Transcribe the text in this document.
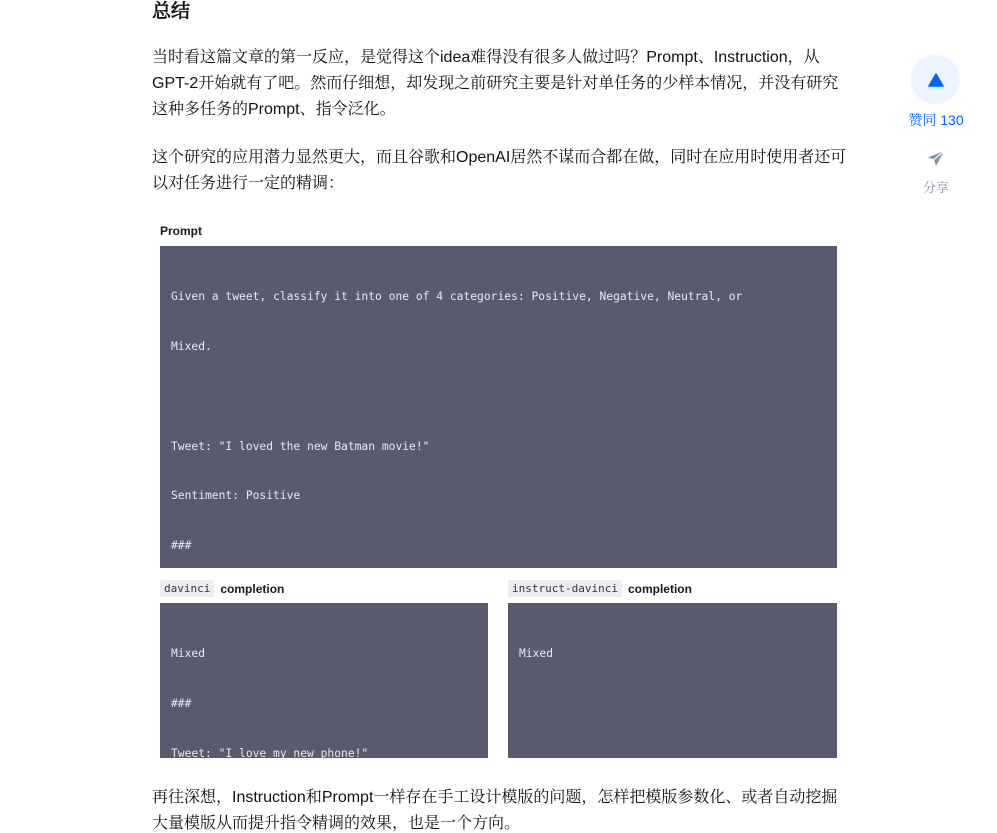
总结

当时看这篇文章的第一反应，是觉得这个idea难得没有很多人做过吗？Prompt、Instruction，从GPT-2开始就有了吧。然而仔细想，却发现之前研究主要是针对单任务的少样本情况，并没有研究这种多任务的Prompt、指令泛化。

这个研究的应用潜力显然更大，而且谷歌和OpenAI居然不谋而合都在做，同时在应用时使用者还可以对任务进行一定的精调：

Prompt

Given a tweet, classify it into one of 4 categories: Positive, Negative, Neutral, or

Mixed.

Tweet: "I loved the new Batman movie!"

Sentiment: Positive

###

davinci completion

Mixed

###

Tweet: "I love my new phone!"

instruct-davinci completion

Mixed

再往深想，Instruction和Prompt一样存在手工设计模版的问题，怎样把模版参数化、或者自动挖掘大量模版从而提升指令精调的效果，也是一个方向。

赞同 130
分享
